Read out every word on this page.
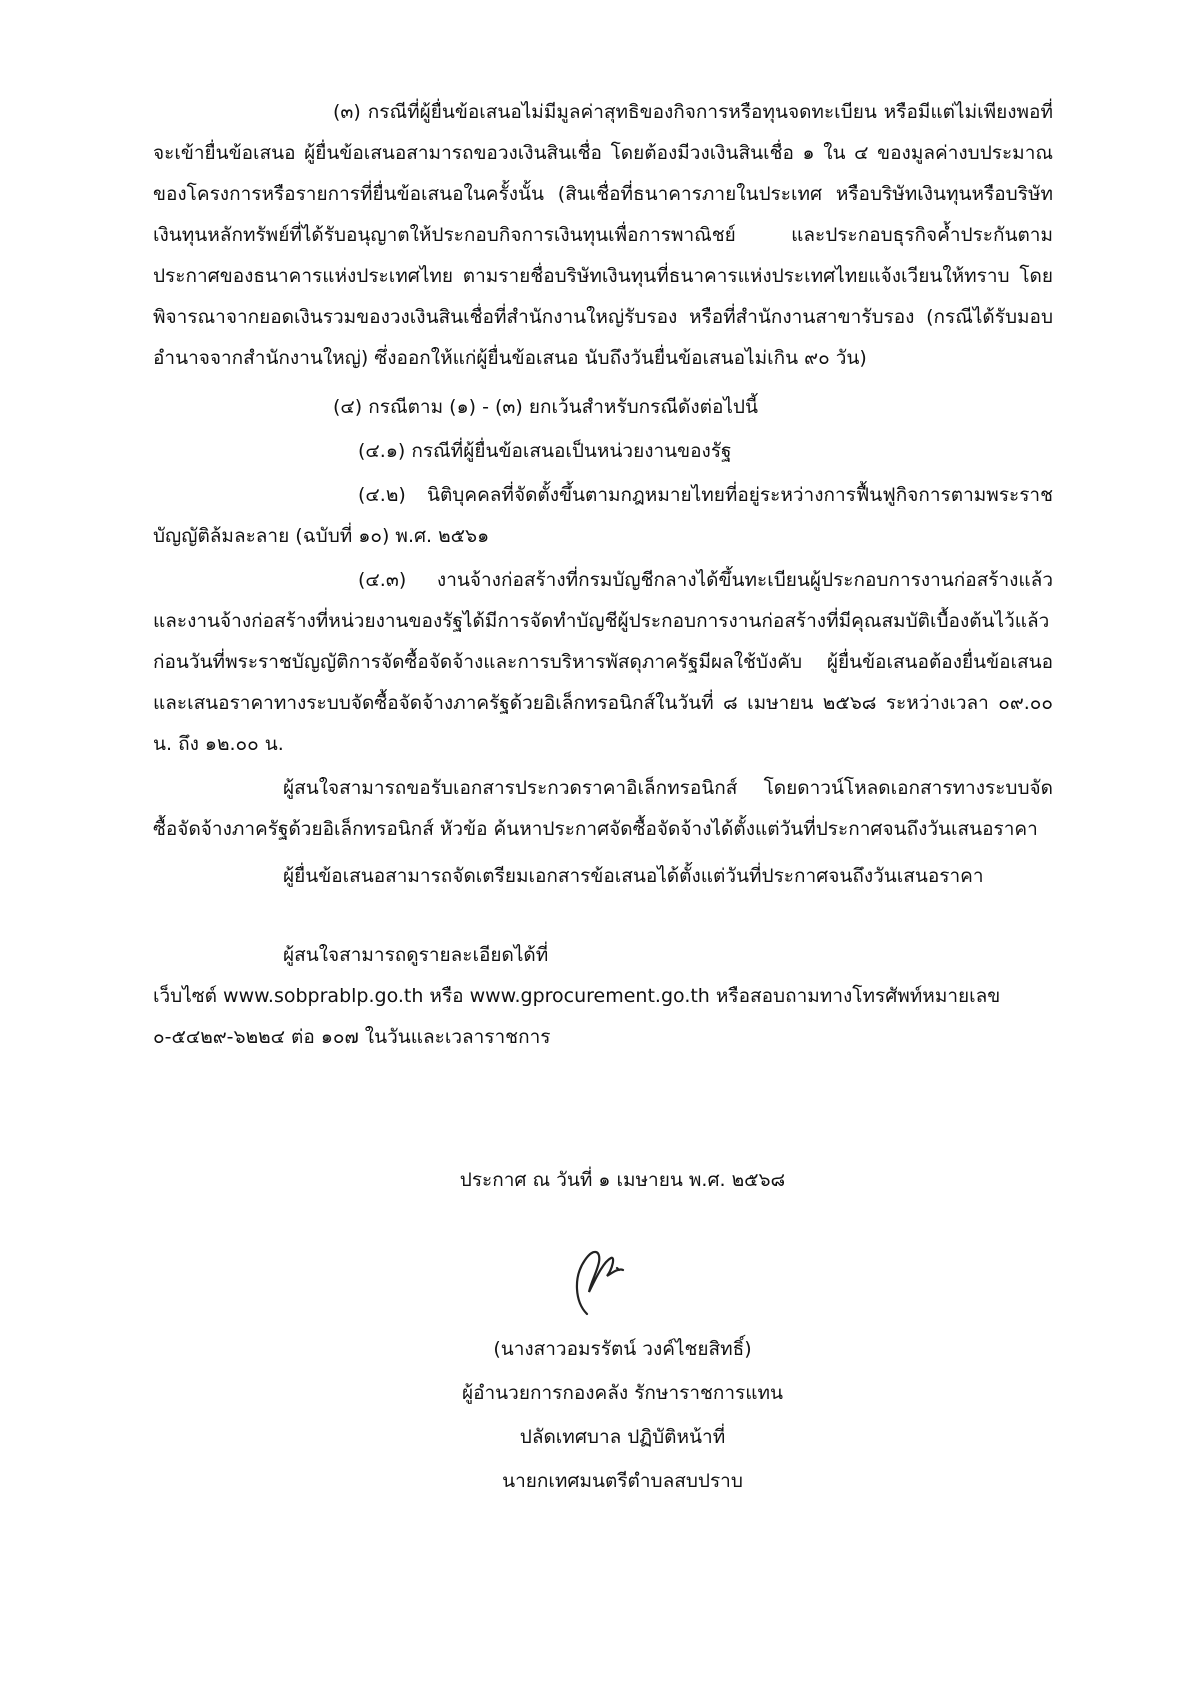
(๓) กรณีที่ผู้ยื่นข้อเสนอไม่มีมูลค่าสุทธิของกิจการหรือทุนจดทะเบียน หรือมีแต่ไม่เพียงพอที่จะเข้ายื่นข้อเสนอ ผู้ยื่นข้อเสนอสามารถขอวงเงินสินเชื่อ โดยต้องมีวงเงินสินเชื่อ ๑ ใน ๔ ของมูลค่างบประมาณของโครงการหรือรายการที่ยื่นข้อเสนอในครั้งนั้น (สินเชื่อที่ธนาคารภายในประเทศ หรือบริษัทเงินทุนหรือบริษัทเงินทุนหลักทรัพย์ที่ได้รับอนุญาตให้ประกอบกิจการเงินทุนเพื่อการพาณิชย์ และประกอบธุรกิจค้ำประกันตามประกาศของธนาคารแห่งประเทศไทย ตามรายชื่อบริษัทเงินทุนที่ธนาคารแห่งประเทศไทยแจ้งเวียนให้ทราบ โดยพิจารณาจากยอดเงินรวมของวงเงินสินเชื่อที่สำนักงานใหญ่รับรอง หรือที่สำนักงานสาขารับรอง (กรณีได้รับมอบอำนาจจากสำนักงานใหญ่) ซึ่งออกให้แก่ผู้ยื่นข้อเสนอ นับถึงวันยื่นข้อเสนอไม่เกิน ๙๐ วัน)

(๔) กรณีตาม (๑) - (๓) ยกเว้นสำหรับกรณีดังต่อไปนี้

(๔.๑) กรณีที่ผู้ยื่นข้อเสนอเป็นหน่วยงานของรัฐ

(๔.๒) นิติบุคคลที่จัดตั้งขึ้นตามกฎหมายไทยที่อยู่ระหว่างการฟื้นฟูกิจการตามพระราชบัญญัติล้มละลาย (ฉบับที่ ๑๐) พ.ศ. ๒๕๖๑

(๔.๓) งานจ้างก่อสร้างที่กรมบัญชีกลางได้ขึ้นทะเบียนผู้ประกอบการงานก่อสร้างแล้ว และงานจ้างก่อสร้างที่หน่วยงานของรัฐได้มีการจัดทำบัญชีผู้ประกอบการงานก่อสร้างที่มีคุณสมบัติเบื้องต้นไว้แล้ว ก่อนวันที่พระราชบัญญัติการจัดซื้อจัดจ้างและการบริหารพัสดุภาครัฐมีผลใช้บังคับ ผู้ยื่นข้อเสนอต้องยื่นข้อเสนอและเสนอราคาทางระบบจัดซื้อจัดจ้างภาครัฐด้วยอิเล็กทรอนิกส์ในวันที่ ๘ เมษายน ๒๕๖๘ ระหว่างเวลา ๐๙.๐๐ น. ถึง ๑๒.๐๐ น.

ผู้สนใจสามารถขอรับเอกสารประกวดราคาอิเล็กทรอนิกส์ โดยดาวน์โหลดเอกสารทางระบบจัดซื้อจัดจ้างภาครัฐด้วยอิเล็กทรอนิกส์ หัวข้อ ค้นหาประกาศจัดซื้อจัดจ้างได้ตั้งแต่วันที่ประกาศจนถึงวันเสนอราคา

ผู้ยื่นข้อเสนอสามารถจัดเตรียมเอกสารข้อเสนอได้ตั้งแต่วันที่ประกาศจนถึงวันเสนอราคา

ผู้สนใจสามารถดูรายละเอียดได้ที่

เว็บไซต์ www.sobprablp.go.th หรือ www.gprocurement.go.th หรือสอบถามทางโทรศัพท์หมายเลข

๐-๕๔๒๙-๖๒๒๔ ต่อ ๑๐๗ ในวันและเวลาราชการ

ประกาศ ณ วันที่ ๑ เมษายน พ.ศ. ๒๕๖๘

(นางสาวอมรรัตน์ วงค์ไชยสิทธิ์)

ผู้อำนวยการกองคลัง รักษาราชการแทน

ปลัดเทศบาล ปฏิบัติหน้าที่

นายกเทศมนตรีตำบลสบปราบ
